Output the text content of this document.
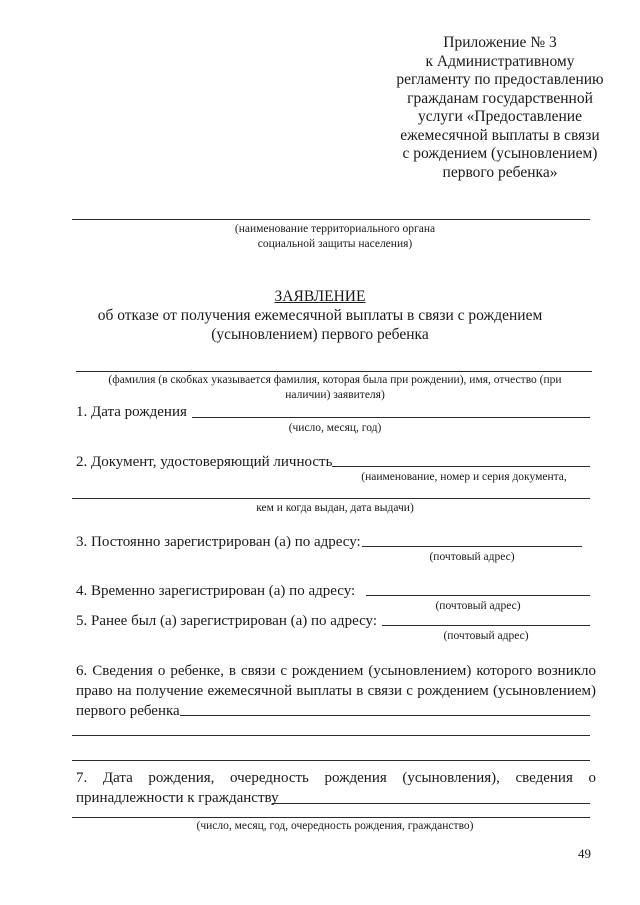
Приложение № 3
к Административному
регламенту по предоставлению
гражданам государственной
услуги «Предоставление
ежемесячной выплаты в связи
с рождением (усыновлением)
первого ребенка»
(наименование территориального органа
социальной защиты населения)
ЗАЯВЛЕНИЕ
об отказе от получения ежемесячной выплаты в связи с рождением
(усыновлением) первого ребенка
(фамилия (в скобках указывается фамилия, которая была при рождении), имя, отчество (при
наличии) заявителя)
1. Дата рождения
(число, месяц, год)
2. Документ, удостоверяющий личность
(наименование, номер и серия документа,
кем и когда выдан, дата выдачи)
3. Постоянно зарегистрирован (а) по адресу:
(почтовый адрес)
4. Временно зарегистрирован (а) по адресу:
(почтовый адрес)
5. Ранее был (а) зарегистрирован (а) по адресу:
(почтовый адрес)
6. Сведения о ребенке, в связи с рождением (усыновлением) которого возникло
право на получение ежемесячной выплаты в связи с рождением (усыновлением)
первого ребенка
7. Дата рождения, очередность рождения (усыновления), сведения о
принадлежности к гражданству
(число, месяц, год, очередность рождения, гражданство)
49
